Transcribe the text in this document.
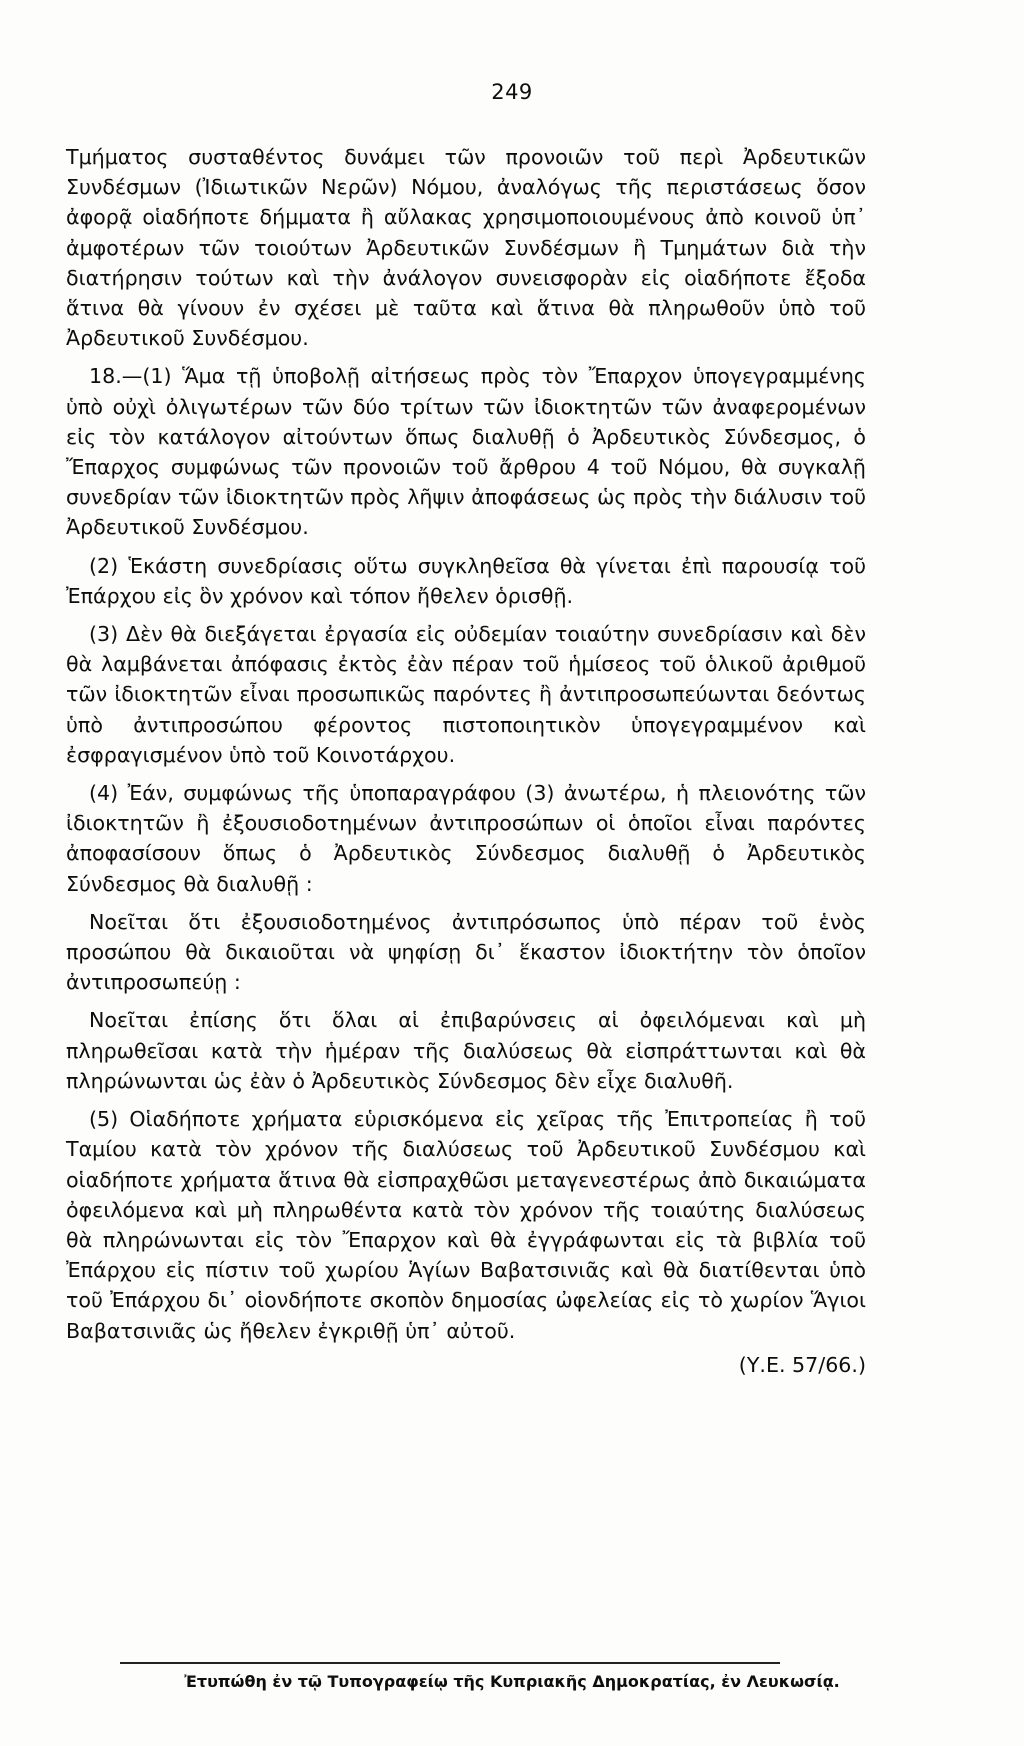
249

Τμήματος συσταθέντος δυνάμει τῶν προνοιῶν τοῦ περὶ Ἀρδευτικῶν Συνδέσμων (Ἰδιωτικῶν Νερῶν) Νόμου, ἀναλόγως τῆς περιστάσεως ὅσον ἀφορᾷ οἱαδήποτε δήμματα ἢ αὔλακας χρησιμοποιουμένους ἀπὸ κοινοῦ ὑπ᾽ ἀμφοτέρων τῶν τοιούτων Ἀρδευτικῶν Συνδέσμων ἢ Τμημάτων διὰ τὴν διατήρησιν τούτων καὶ τὴν ἀνάλογον συνεισφορὰν εἰς οἱαδήποτε ἔξοδα ἅτινα θὰ γίνουν ἐν σχέσει μὲ ταῦτα καὶ ἅτινα θὰ πληρωθοῦν ὑπὸ τοῦ Ἀρδευτικοῦ Συνδέσμου.

18.—(1) Ἅμα τῇ ὑποβολῇ αἰτήσεως πρὸς τὸν Ἔπαρχον ὑπογεγραμμένης ὑπὸ οὐχὶ ὀλιγωτέρων τῶν δύο τρίτων τῶν ἰδιοκτητῶν τῶν ἀναφερομένων εἰς τὸν κατάλογον αἰτούντων ὅπως διαλυθῇ ὁ Ἀρδευτικὸς Σύνδεσμος, ὁ Ἔπαρχος συμφώνως τῶν προνοιῶν τοῦ ἄρθρου 4 τοῦ Νόμου, θὰ συγκαλῇ συνεδρίαν τῶν ἰδιοκτητῶν πρὸς λῆψιν ἀποφάσεως ὡς πρὸς τὴν διάλυσιν τοῦ Ἀρδευτικοῦ Συνδέσμου.

(2) Ἑκάστη συνεδρίασις οὕτω συγκληθεῖσα θὰ γίνεται ἐπὶ παρουσίᾳ τοῦ Ἐπάρχου εἰς ὃν χρόνον καὶ τόπον ἤθελεν ὁρισθῇ.

(3) Δὲν θὰ διεξάγεται ἐργασία εἰς οὐδεμίαν τοιαύτην συνεδρίασιν καὶ δὲν θὰ λαμβάνεται ἀπόφασις ἐκτὸς ἐὰν πέραν τοῦ ἡμίσεος τοῦ ὁλικοῦ ἀριθμοῦ τῶν ἰδιοκτητῶν εἶναι προσωπικῶς παρόντες ἢ ἀντιπροσωπεύωνται δεόντως ὑπὸ ἀντιπροσώπου φέροντος πιστοποιητικὸν ὑπογεγραμμένον καὶ ἐσφραγισμένον ὑπὸ τοῦ Κοινοτάρχου.

(4) Ἐάν, συμφώνως τῆς ὑποπαραγράφου (3) ἀνωτέρω, ἡ πλειονότης τῶν ἰδιοκτητῶν ἢ ἐξουσιοδοτημένων ἀντιπροσώπων οἱ ὁποῖοι εἶναι παρόντες ἀποφασίσουν ὅπως ὁ Ἀρδευτικὸς Σύνδεσμος διαλυθῇ ὁ Ἀρδευτικὸς Σύνδεσμος θὰ διαλυθῇ :

Νοεῖται ὅτι ἐξουσιοδοτημένος ἀντιπρόσωπος ὑπὸ πέραν τοῦ ἑνὸς προσώπου θὰ δικαιοῦται νὰ ψηφίσῃ δι᾽ ἕκαστον ἰδιοκτήτην τὸν ὁποῖον ἀντιπροσωπεύῃ :

Νοεῖται ἐπίσης ὅτι ὅλαι αἱ ἐπιβαρύνσεις αἱ ὀφειλόμεναι καὶ μὴ πληρωθεῖσαι κατὰ τὴν ἡμέραν τῆς διαλύσεως θὰ εἰσπράττωνται καὶ θὰ πληρώνωνται ὡς ἐὰν ὁ Ἀρδευτικὸς Σύνδεσμος δὲν εἶχε διαλυθῆ.

(5) Οἱαδήποτε χρήματα εὑρισκόμενα εἰς χεῖρας τῆς Ἐπιτροπείας ἢ τοῦ Ταμίου κατὰ τὸν χρόνον τῆς διαλύσεως τοῦ Ἀρδευτικοῦ Συνδέσμου καὶ οἱαδήποτε χρήματα ἅτινα θὰ εἰσπραχθῶσι μεταγενεστέρως ἀπὸ δικαιώματα ὀφειλόμενα καὶ μὴ πληρωθέντα κατὰ τὸν χρόνον τῆς τοιαύτης διαλύσεως θὰ πληρώνωνται εἰς τὸν Ἔπαρχον καὶ θὰ ἐγγράφωνται εἰς τὰ βιβλία τοῦ Ἐπάρχου εἰς πίστιν τοῦ χωρίου Ἁγίων Βαβατσινιᾶς καὶ θὰ διατίθενται ὑπὸ τοῦ Ἐπάρχου δι᾽ οἱονδήποτε σκοπὸν δημοσίας ὠφελείας εἰς τὸ χωρίον Ἅγιοι Βαβατσινιᾶς ὡς ἤθελεν ἐγκριθῇ ὑπ᾽ αὐτοῦ.

(Υ.Ε. 57/66.)

Ἐτυπώθη ἐν τῷ Τυπογραφείῳ τῆς Κυπριακῆς Δημοκρατίας, ἐν Λευκωσίᾳ.
